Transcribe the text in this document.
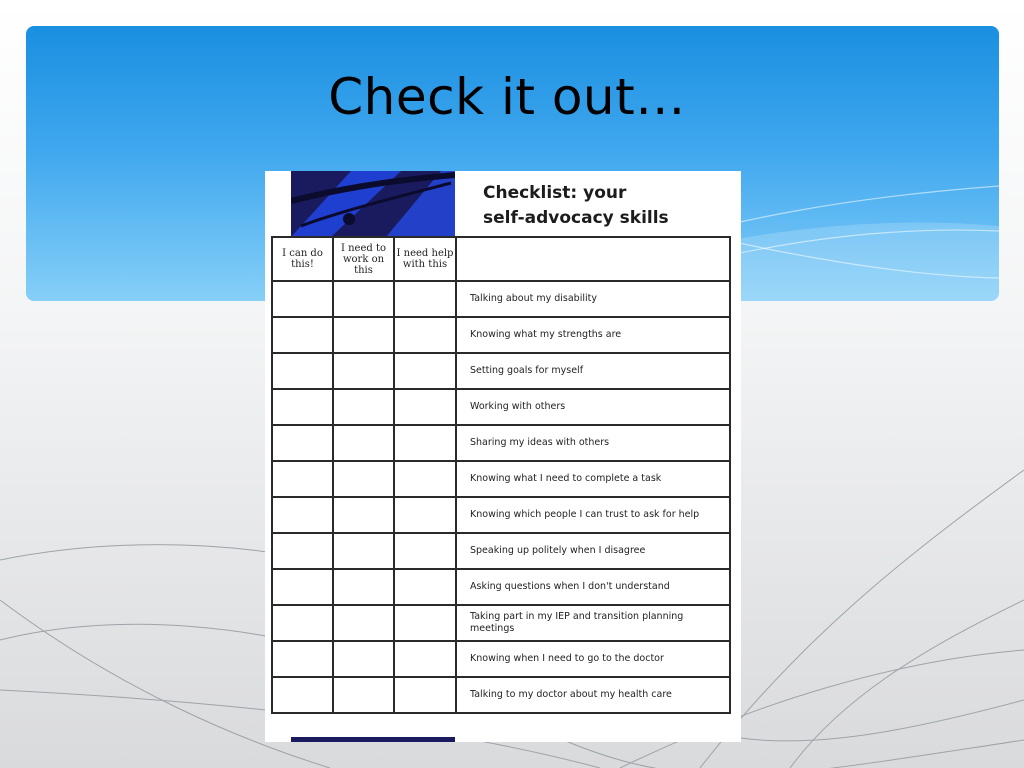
Check it out…
Checklist: your
self-advocacy skills
I can do this!	I need to work on this	I need help with this	
			Talking about my disability
			Knowing what my strengths are
			Setting goals for myself
			Working with others
			Sharing my ideas with others
			Knowing what I need to complete a task
			Knowing which people I can trust to ask for help
			Speaking up politely when I disagree
			Asking questions when I don't understand
			Taking part in my IEP and transition planning meetings
			Knowing when I need to go to the doctor
			Talking to my doctor about my health care
